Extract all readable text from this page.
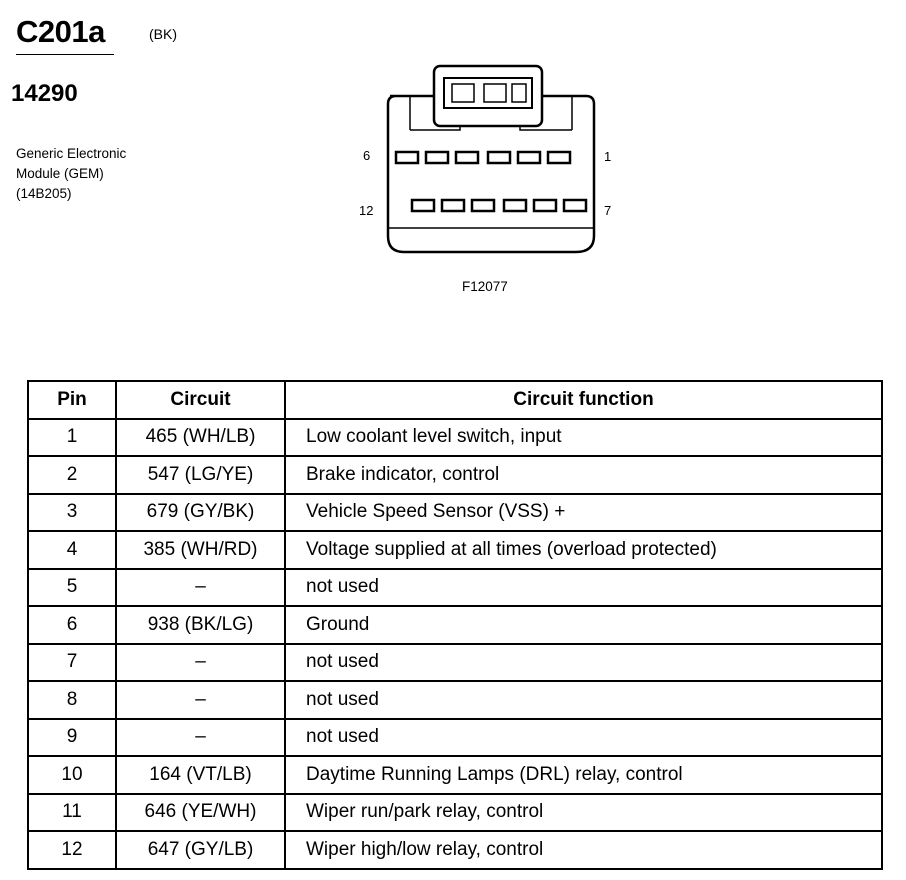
C201a	(BK)
14290
Generic Electronic
Module (GEM)
(14B205)
6	1
12	7
F12077
Pin	Circuit	Circuit function
1	465 (WH/LB)	Low coolant level switch, input
2	547 (LG/YE)	Brake indicator, control
3	679 (GY/BK)	Vehicle Speed Sensor (VSS) +
4	385 (WH/RD)	Voltage supplied at all times (overload protected)
5	–	not used
6	938 (BK/LG)	Ground
7	–	not used
8	–	not used
9	–	not used
10	164 (VT/LB)	Daytime Running Lamps (DRL) relay, control
11	646 (YE/WH)	Wiper run/park relay, control
12	647 (GY/LB)	Wiper high/low relay, control
